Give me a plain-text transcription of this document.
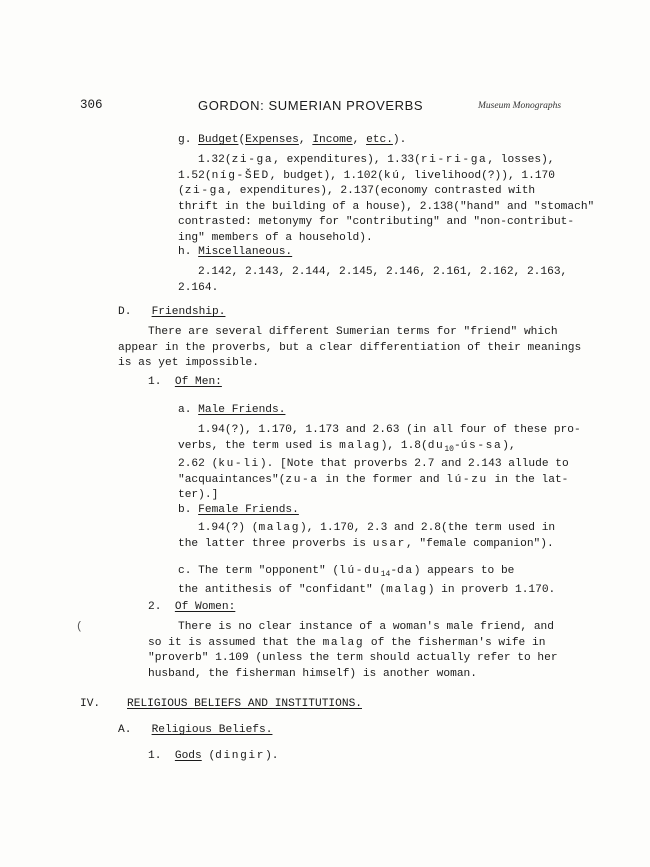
306	GORDON: SUMERIAN PROVERBS	Museum Monographs
g. Budget(Expenses, Income, etc.).
1.32(zi-ga, expenditures), 1.33(ri-ri-ga, losses),
1.52(níg-ŠED, budget), 1.102(kú, livelihood(?)), 1.170
(zi-ga, expenditures), 2.137(economy contrasted with
thrift in the building of a house), 2.138("hand" and "stomach"
contrasted: metonymy for "contributing" and "non-contribut-
ing" members of a household).
h. Miscellaneous.
2.142, 2.143, 2.144, 2.145, 2.146, 2.161, 2.162, 2.163,
2.164.
D. Friendship.
There are several different Sumerian terms for "friend" which
appear in the proverbs, but a clear differentiation of their meanings
is as yet impossible.
1. Of Men:
a. Male Friends.
1.94(?), 1.170, 1.173 and 2.63 (in all four of these pro-
verbs, the term used is malag), $1.8(du_{10}-ús-sa)$,
2.62 (ku-li). [Note that proverbs 2.7 and 2.143 allude to
"acquaintances"(zu-a in the former and lú-zu in the lat-
ter).]
b. Female Friends.
1.94(?) (malag), 1.170, 2.3 and 2.8(the term used in
the latter three proverbs is usar, "female companion").
c. The term "opponent" $(lú-du_{14}-da)$ appears to be
the antithesis of "confidant" (malag) in proverb 1.170.
2. Of Women:
(	There is no clear instance of a woman's male friend, and
so it is assumed that the malag of the fisherman's wife in
"proverb" 1.109 (unless the term should actually refer to her
husband, the fisherman himself) is another woman.
IV. RELIGIOUS BELIEFS AND INSTITUTIONS.
A. Religious Beliefs.
1. Gods (dingir).
